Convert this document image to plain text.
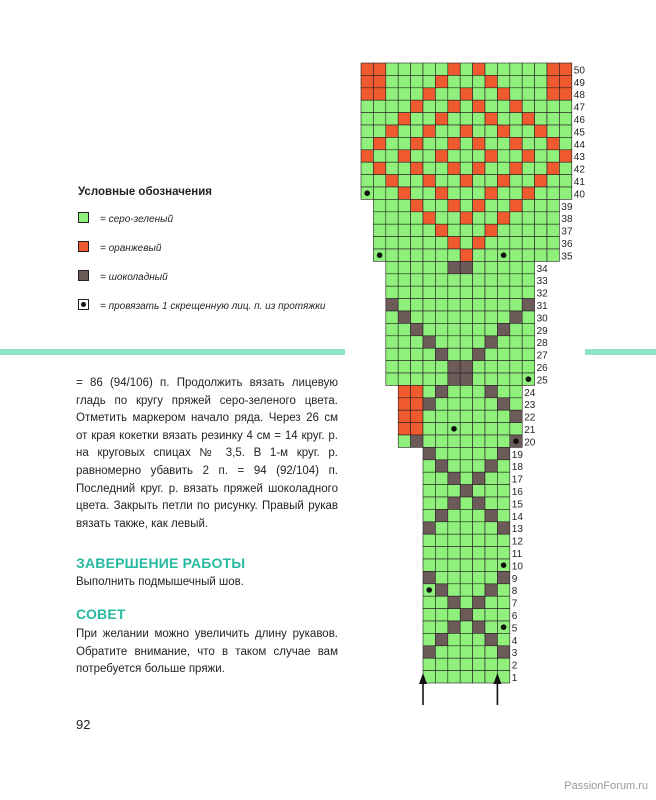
Условные обозначения
= серо-зеленый
= оранжевый
= шоколадный
= провязать 1 скрещенную лиц. п. из протяжки
= 86 (94/106) п. Продолжить вязать лицевую гладь по кругу пряжей серо-зеленого цвета. Отметить маркером начало ряда. Через 26 см от края кокетки вязать резинку 4 см = 14 круг. р. на круговых спицах № 3,5. В 1-м круг. р. равномерно убавить 2 п. = 94 (92/104) п. Последний круг. р. вязать пряжей шоколадного цвета. Закрыть петли по рисунку. Правый рукав вязать также, как левый.
ЗАВЕРШЕНИЕ РАБОТЫ
Выполнить подмышечный шов.
СОВЕТ
При желании можно увеличить длину рукавов. Обратите внимание, что в таком случае вам потребуется больше пряжи.
92
PassionForum.ru
50
49
48
47
46
45
44
43
42
41
40
39
38
37
36
35
34
33
32
31
30
29
28
27
26
25
24
23
22
21
20
19
18
17
16
15
14
13
12
11
10
9
8
7
6
5
4
3
2
1
